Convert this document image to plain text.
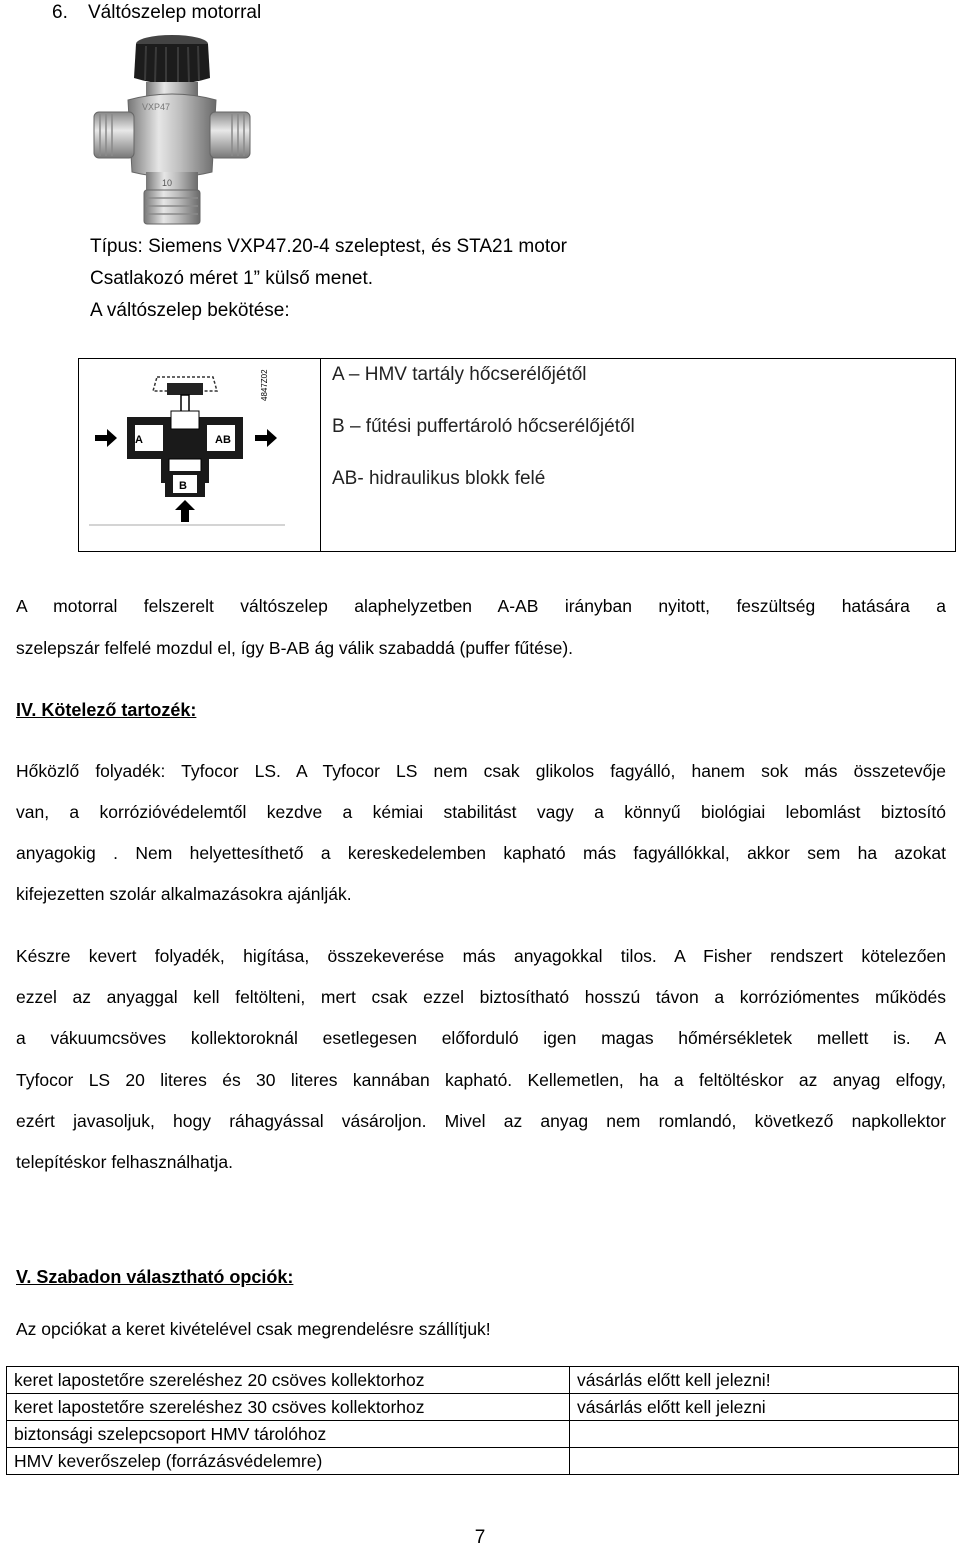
6. Váltószelep motorral
VXP47
10
Típus: Siemens VXP47.20-4 szeleptest, és STA21 motor
Csatlakozó méret 1” külső menet.
A váltószelep bekötése:
B
A	AB
4847Z02	A – HMV tartály hőcserélőjétől
B – fűtési puffertároló hőcserélőjétől
AB- hidraulikus blokk felé
A motorral felszerelt váltószelep alaphelyzetben A-AB irányban nyitott, feszültség hatására a
szelepszár felfelé mozdul el, így B-AB ág válik szabaddá (puffer fűtése).
IV. Kötelező tartozék:
Hőközlő folyadék: Tyfocor LS. A Tyfocor LS nem csak glikolos fagyálló, hanem sok más összetevője
van, a korrózióvédelemtől kezdve a kémiai stabilitást vagy a könnyű biológiai lebomlást biztosító
anyagokig . Nem helyettesíthető a kereskedelemben kapható más fagyállókkal, akkor sem ha azokat
kifejezetten szolár alkalmazásokra ajánlják.
Készre kevert folyadék, higítása, összekeverése más anyagokkal tilos. A Fisher rendszert kötelezően
ezzel az anyaggal kell feltölteni, mert csak ezzel biztosítható hosszú távon a korróziómentes működés
a vákuumcsöves kollektoroknál esetlegesen előforduló igen magas hőmérsékletek mellett is. A
Tyfocor LS 20 literes és 30 literes kannában kapható. Kellemetlen, ha a feltöltéskor az anyag elfogy,
ezért javasoljuk, hogy ráhagyással vásároljon. Mivel az anyag nem romlandó, következő napkollektor
telepítéskor felhasználhatja.
V. Szabadon választható opciók:
Az opciókat a keret kivételével csak megrendelésre szállítjuk!
keret lapostetőre szereléshez 20 csöves kollektorhoz	vásárlás előtt kell jelezni!
keret lapostetőre szereléshez 30 csöves kollektorhoz	vásárlás előtt kell jelezni
biztonsági szelepcsoport HMV tárolóhoz	
HMV keverőszelep (forrázásvédelemre)	
7
